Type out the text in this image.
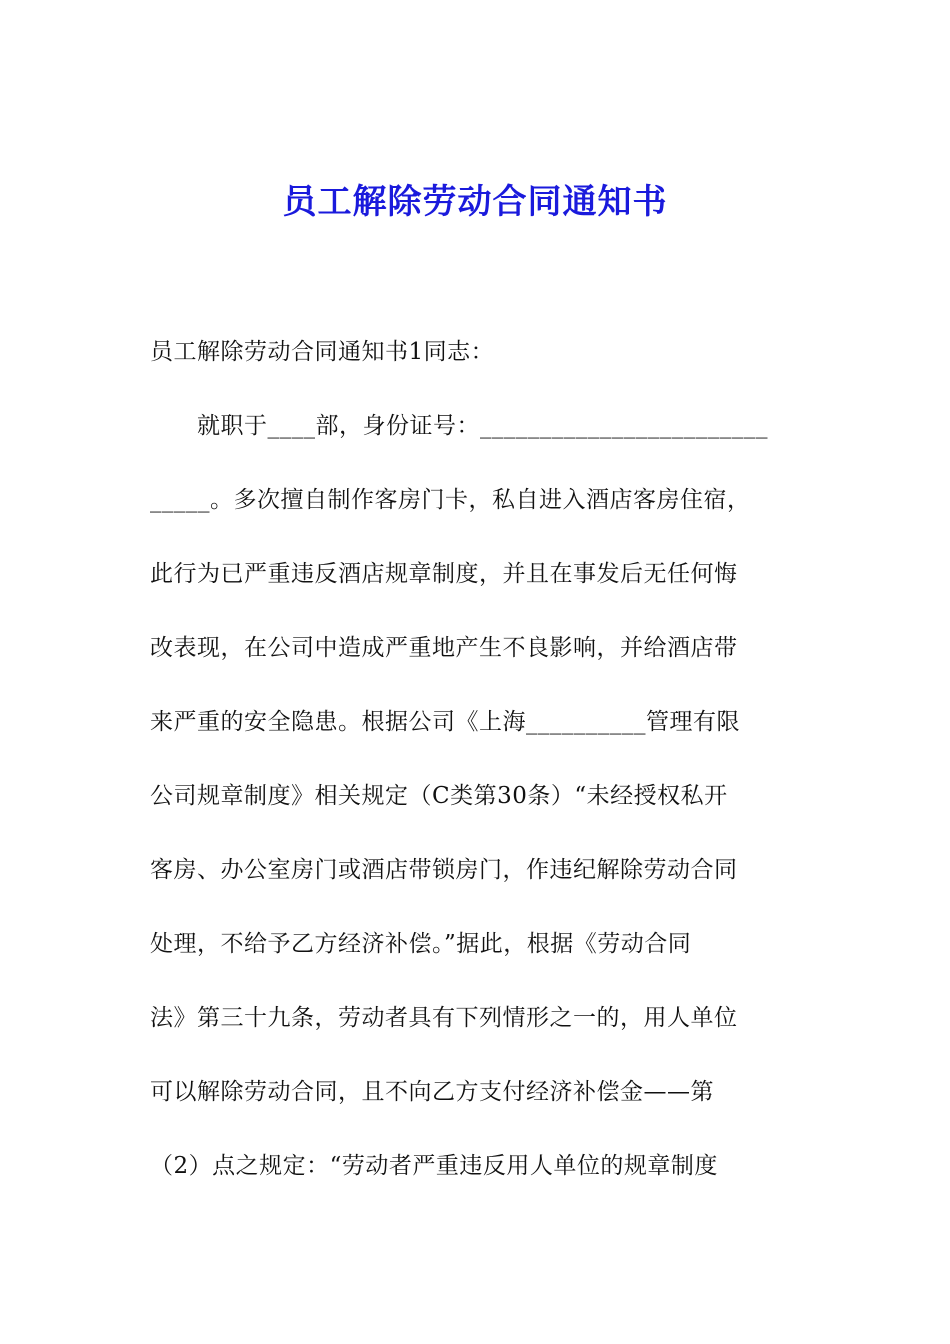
员工解除劳动合同通知书
员工解除劳动合同通知书1同志：
　　就职于____部，身份证号：________________________
_____。多次擅自制作客房门卡，私自进入酒店客房住宿，
此行为已严重违反酒店规章制度，并且在事发后无任何悔
改表现，在公司中造成严重地产生不良影响，并给酒店带
来严重的安全隐患。根据公司《上海__________管理有限
公司规章制度》相关规定（C类第30条）“未经授权私开
客房、办公室房门或酒店带锁房门，作违纪解除劳动合同
处理，不给予乙方经济补偿。”据此，根据《劳动合同
法》第三十九条，劳动者具有下列情形之一的，用人单位
可以解除劳动合同，且不向乙方支付经济补偿金——第
（2）点之规定：“劳动者严重违反用人单位的规章制度
